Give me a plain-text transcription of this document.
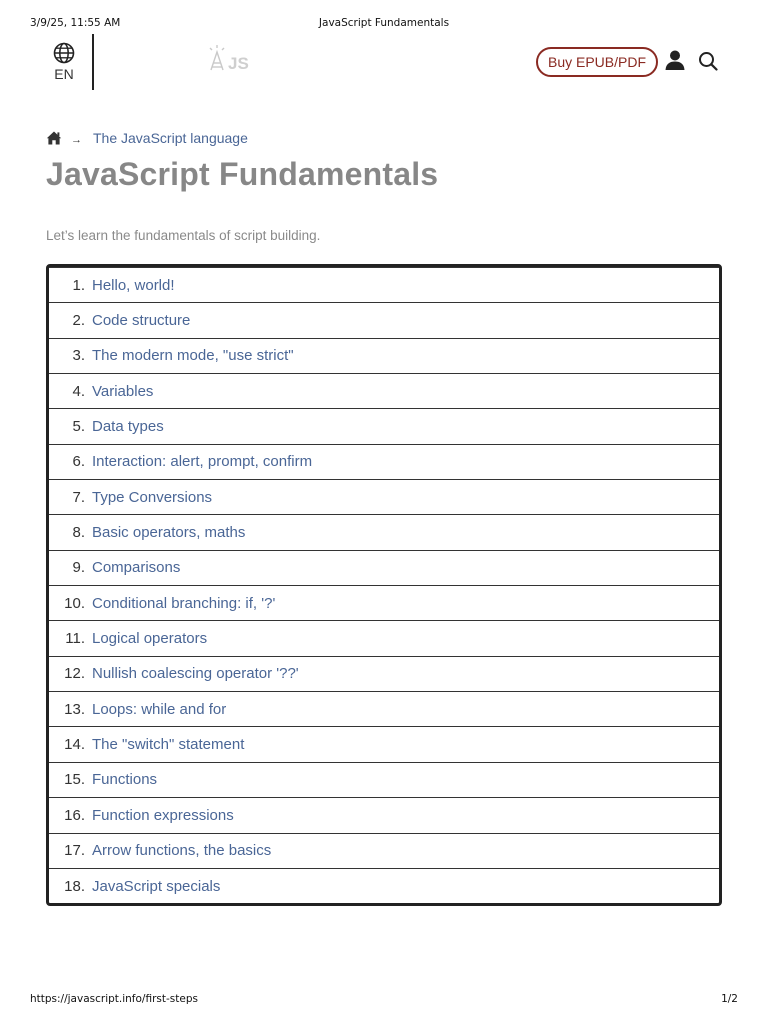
3/9/25, 11:55 AM	JavaScript Fundamentals
EN
JS	Buy EPUB/PDF
→ The JavaScript language
JavaScript Fundamentals

Let’s learn the fundamentals of script building.

1. Hello, world!
2. Code structure
3. The modern mode, "use strict"
4. Variables
5. Data types
6. Interaction: alert, prompt, confirm
7. Type Conversions
8. Basic operators, maths
9. Comparisons
10. Conditional branching: if, '?'
11. Logical operators
12. Nullish coalescing operator '??'
13. Loops: while and for
14. The "switch" statement
15. Functions
16. Function expressions
17. Arrow functions, the basics
18. JavaScript specials
https://javascript.info/first-steps	1/2
